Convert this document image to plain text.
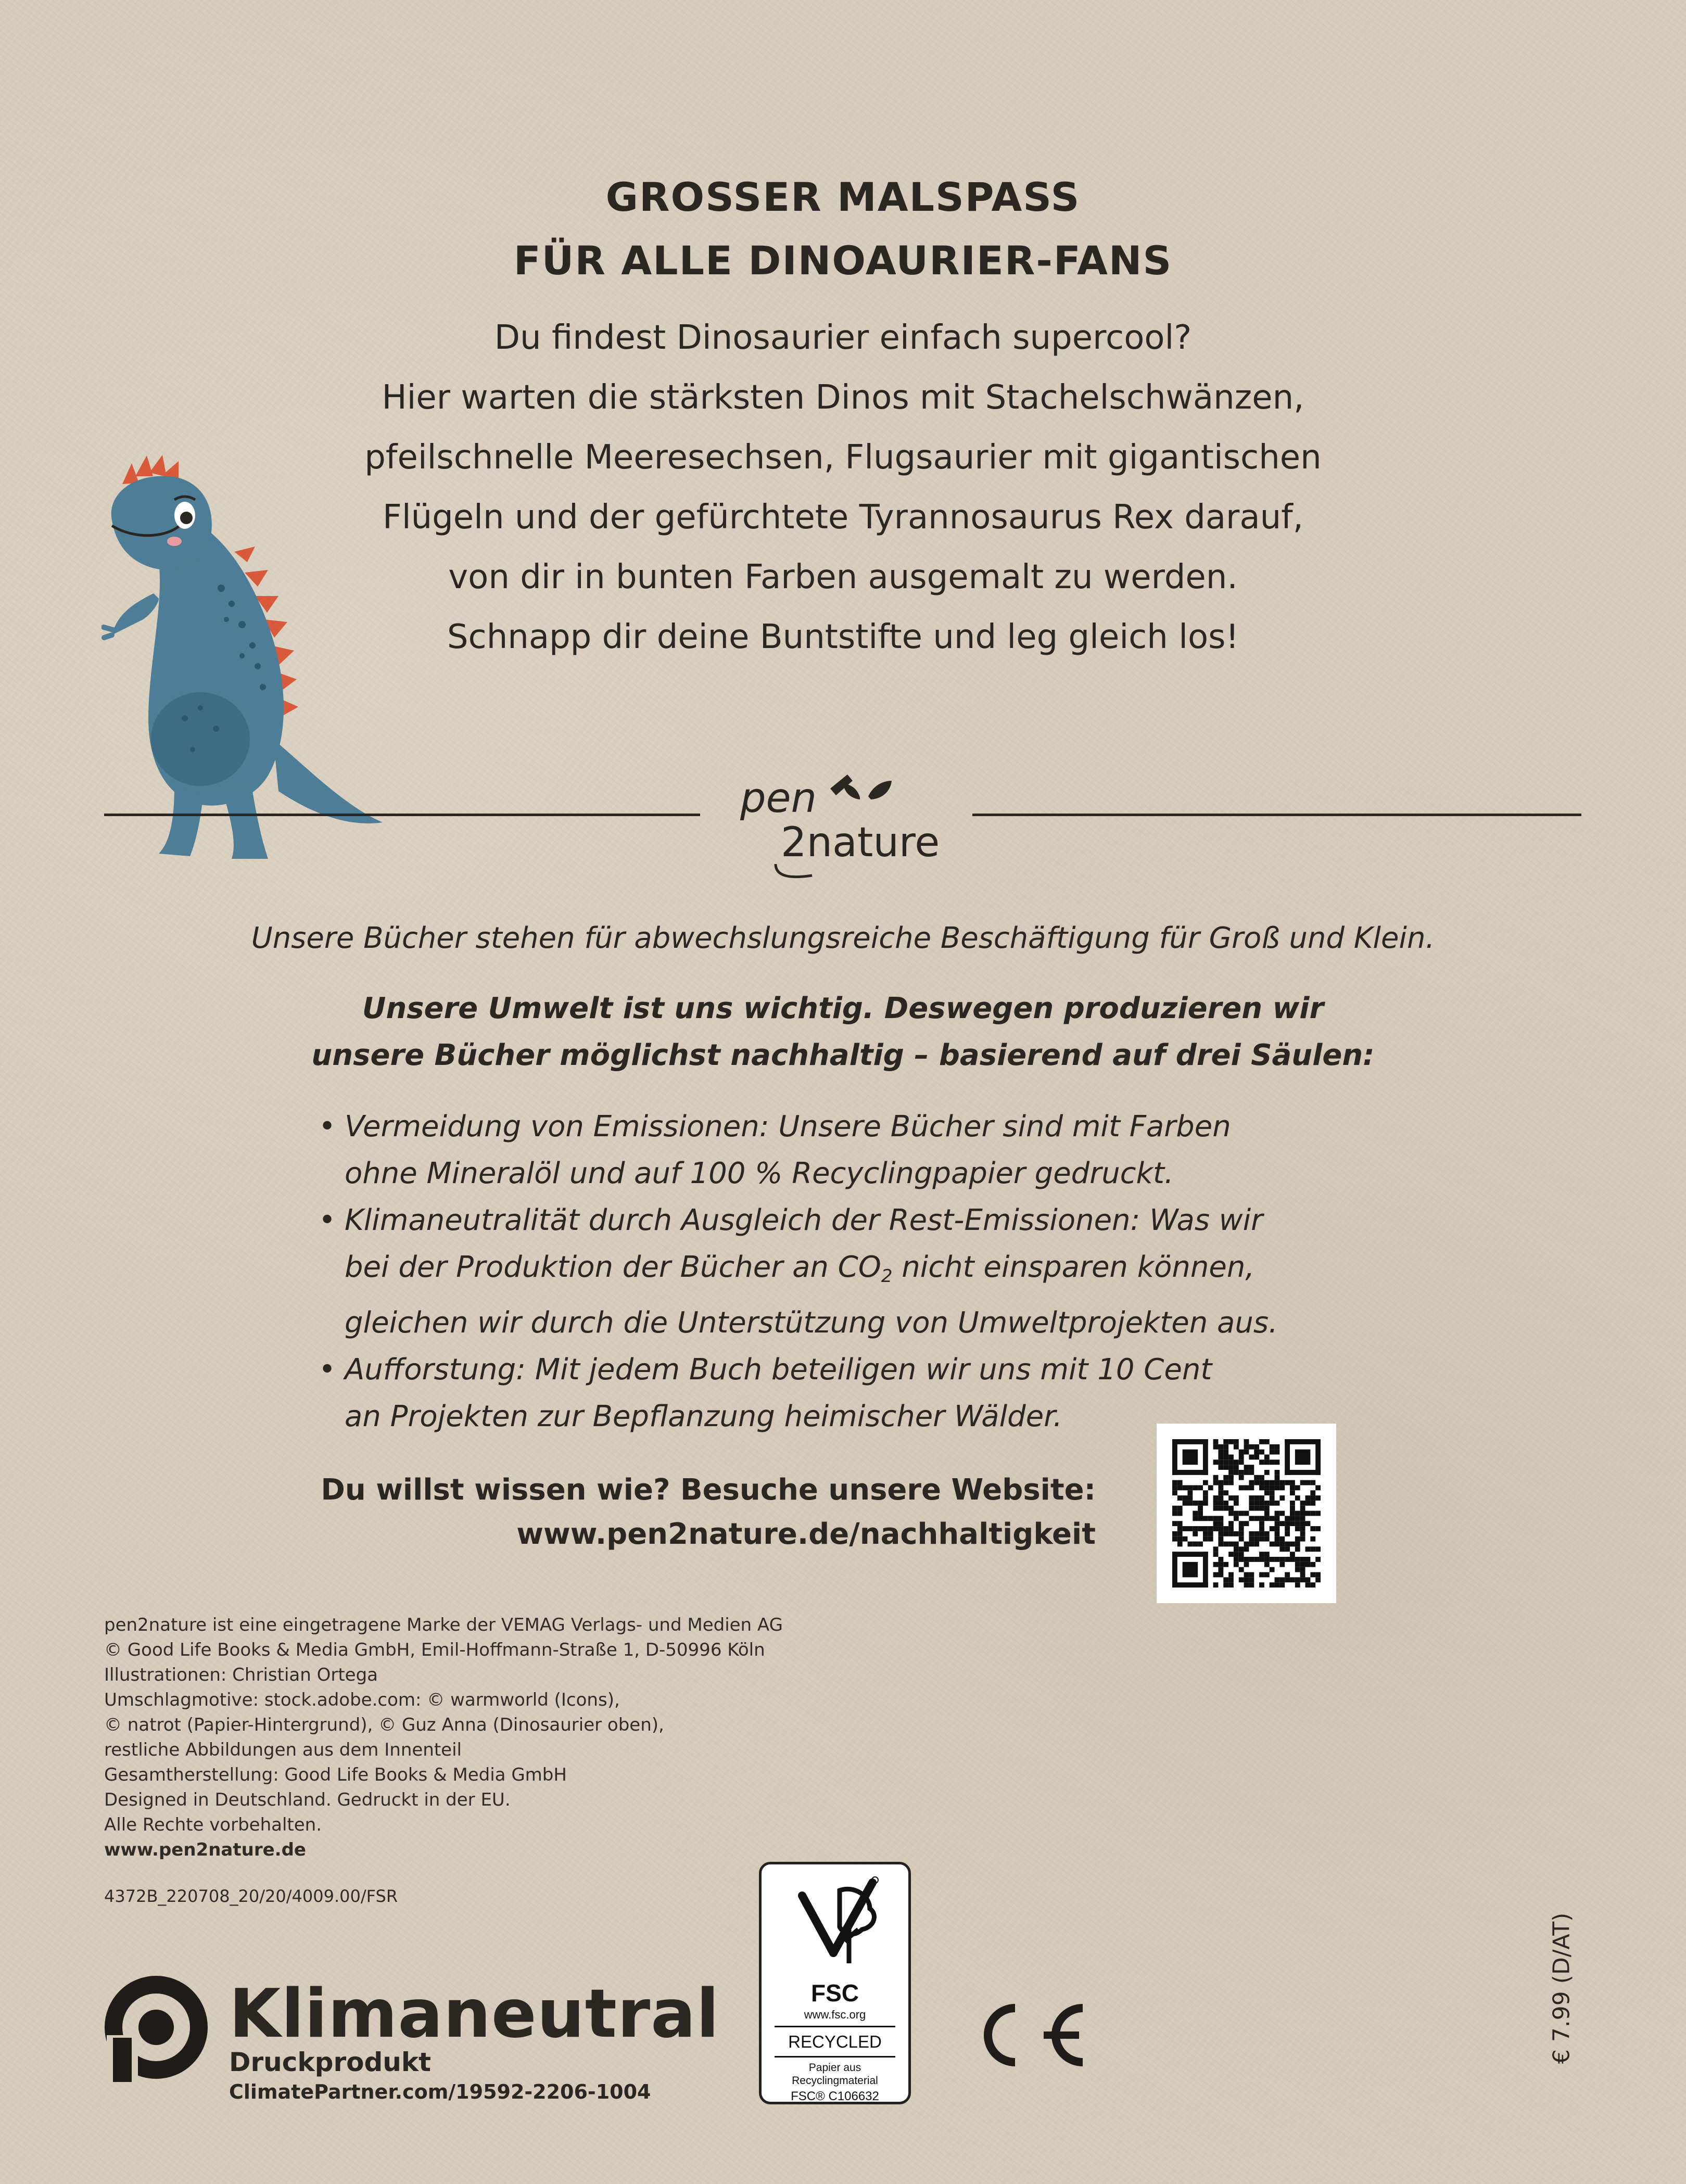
GROSSER MALSPASS
FÜR ALLE DINOAURIER-FANS
Du findest Dinosaurier einfach supercool?
Hier warten die stärksten Dinos mit Stachelschwänzen,
pfeilschnelle Meeresechsen, Flugsaurier mit gigantischen
Flügeln und der gefürchtete Tyrannosaurus Rex darauf,
von dir in bunten Farben ausgemalt zu werden.
Schnapp dir deine Buntstifte und leg gleich los!
pen
2nature
Unsere Bücher stehen für abwechslungsreiche Beschäftigung für Groß und Klein.
Unsere Umwelt ist uns wichtig. Deswegen produzieren wir
unsere Bücher möglichst nachhaltig – basierend auf drei Säulen:
• Vermeidung von Emissionen: Unsere Bücher sind mit Farben
ohne Mineralöl und auf 100 % Recyclingpapier gedruckt.
• Klimaneutralität durch Ausgleich der Rest-Emissionen: Was wir
bei der Produktion der Bücher an $CO_2$ nicht einsparen können,
gleichen wir durch die Unterstützung von Umweltprojekten aus.
• Aufforstung: Mit jedem Buch beteiligen wir uns mit 10 Cent
an Projekten zur Bepflanzung heimischer Wälder.
Du willst wissen wie? Besuche unsere Website:
www.pen2nature.de/nachhaltigkeit
pen2nature ist eine eingetragene Marke der VEMAG Verlags- und Medien AG
© Good Life Books & Media GmbH, Emil-Hoffmann-Straße 1, D-50996 Köln
Illustrationen: Christian Ortega
Umschlagmotive: stock.adobe.com: © warmworld (Icons),
© natrot (Papier-Hintergrund), © Guz Anna (Dinosaurier oben),
restliche Abbildungen aus dem Innenteil
Gesamtherstellung: Good Life Books & Media GmbH
Designed in Deutschland. Gedruckt in der EU.
Alle Rechte vorbehalten.
www.pen2nature.de
4372B_220708_20/20/4009.00/FSR
Klimaneutral
Druckprodukt
ClimatePartner.com/19592-2206-1004
FSC
www.fsc.org
RECYCLED
Papier aus
Recyclingmaterial
FSC® C106632
€ 7.99 (D/AT)
